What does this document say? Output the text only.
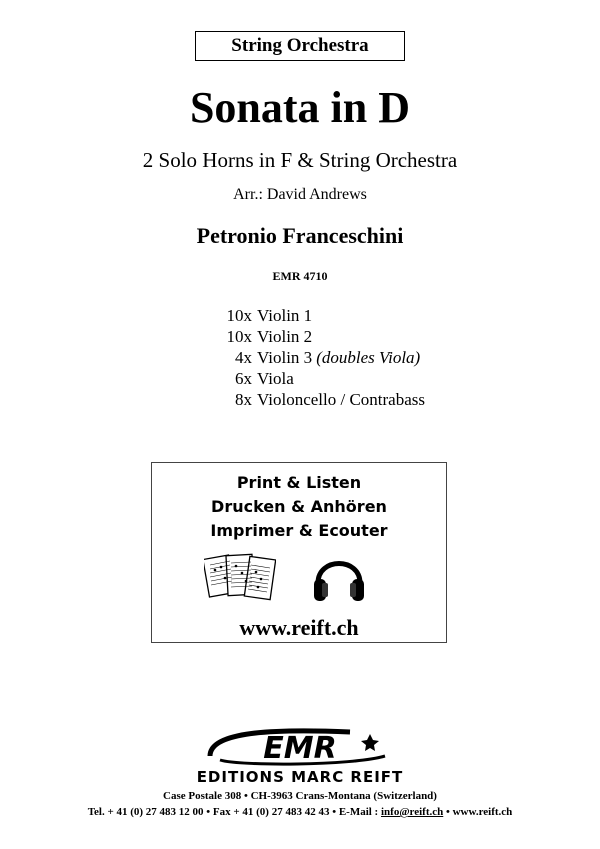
String Orchestra
Sonata in D
2 Solo Horns in F & String Orchestra
Arr.: David Andrews
Petronio Franceschini
EMR 4710
10x Violin 1
10x Violin 2
4x Violin 3 (doubles Viola)
6x Viola
8x Violoncello / Contrabass
Print & Listen
Drucken & Anhören
Imprimer & Ecouter
www.reift.ch
EMR
EDITIONS MARC REIFT
Case Postale 308 • CH-3963 Crans-Montana (Switzerland)
Tel. + 41 (0) 27 483 12 00 • Fax + 41 (0) 27 483 42 43 • E-Mail : info@reift.ch • www.reift.ch
